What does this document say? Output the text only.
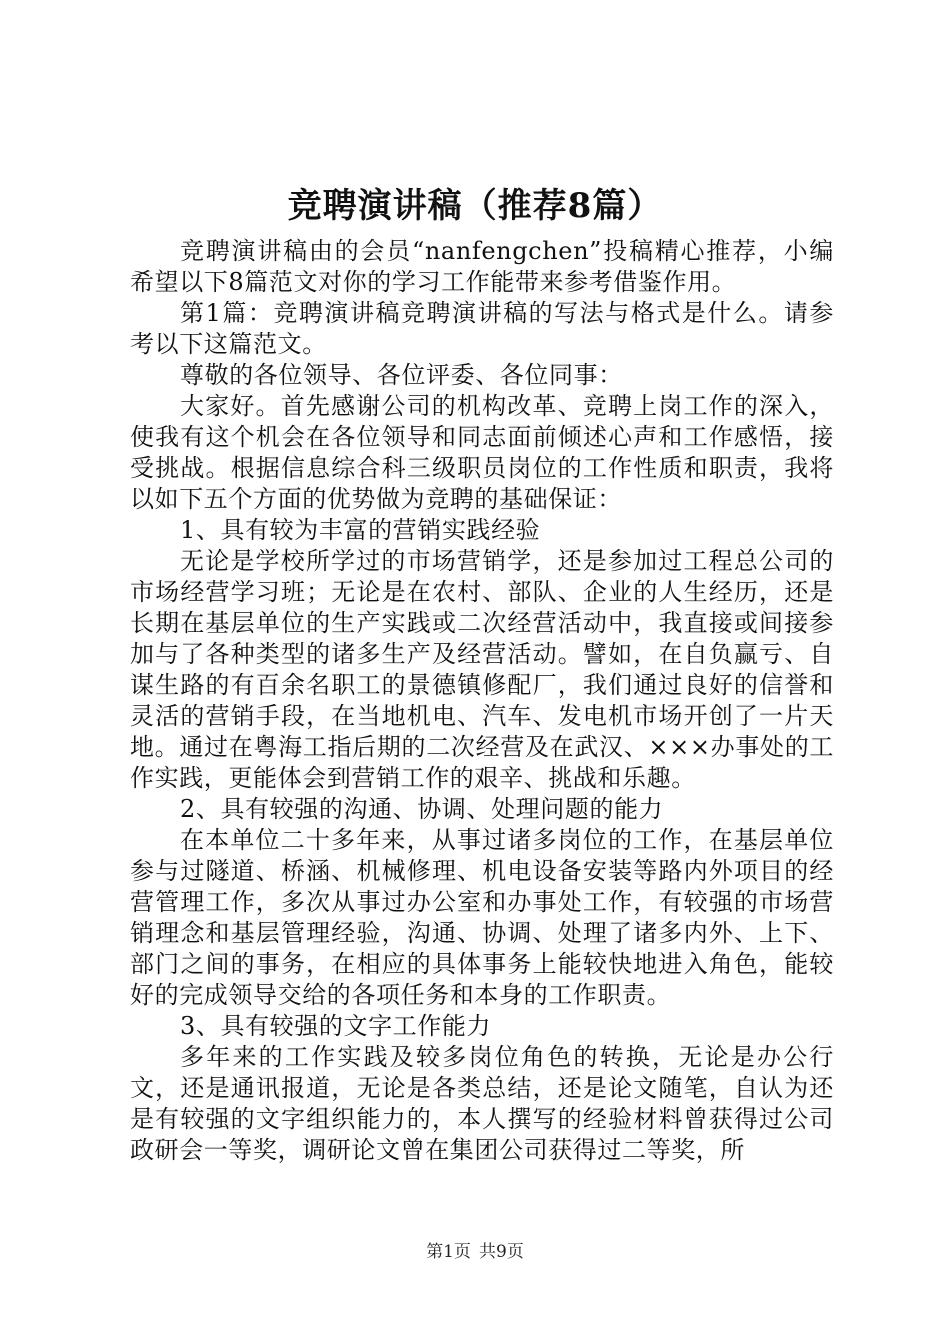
竞聘演讲稿（推荐8篇）

竞聘演讲稿由的会员“nanfengchen”投稿精心推荐，小编希望以下8篇范文对你的学习工作能带来参考借鉴作用。

第1篇：竞聘演讲稿竞聘演讲稿的写法与格式是什么。请参考以下这篇范文。

尊敬的各位领导、各位评委、各位同事：

大家好。首先感谢公司的机构改革、竞聘上岗工作的深入，使我有这个机会在各位领导和同志面前倾述心声和工作感悟，接受挑战。根据信息综合科三级职员岗位的工作性质和职责，我将以如下五个方面的优势做为竞聘的基础保证：

1、具有较为丰富的营销实践经验

无论是学校所学过的市场营销学，还是参加过工程总公司的市场经营学习班；无论是在农村、部队、企业的人生经历，还是长期在基层单位的生产实践或二次经营活动中，我直接或间接参加与了各种类型的诸多生产及经营活动。譬如，在自负赢亏、自谋生路的有百余名职工的景德镇修配厂，我们通过良好的信誉和灵活的营销手段，在当地机电、汽车、发电机市场开创了一片天地。通过在粤海工指后期的二次经营及在武汉、×××办事处的工作实践，更能体会到营销工作的艰辛、挑战和乐趣。

2、具有较强的沟通、协调、处理问题的能力

在本单位二十多年来，从事过诸多岗位的工作，在基层单位参与过隧道、桥涵、机械修理、机电设备安装等路内外项目的经营管理工作，多次从事过办公室和办事处工作，有较强的市场营销理念和基层管理经验，沟通、协调、处理了诸多内外、上下、部门之间的事务，在相应的具体事务上能较快地进入角色，能较好的完成领导交给的各项任务和本身的工作职责。

3、具有较强的文字工作能力

多年来的工作实践及较多岗位角色的转换，无论是办公行文，还是通讯报道，无论是各类总结，还是论文随笔，自认为还是有较强的文字组织能力的，本人撰写的经验材料曾获得过公司政研会一等奖，调研论文曾在集团公司获得过二等奖，所

第1页 共9页
